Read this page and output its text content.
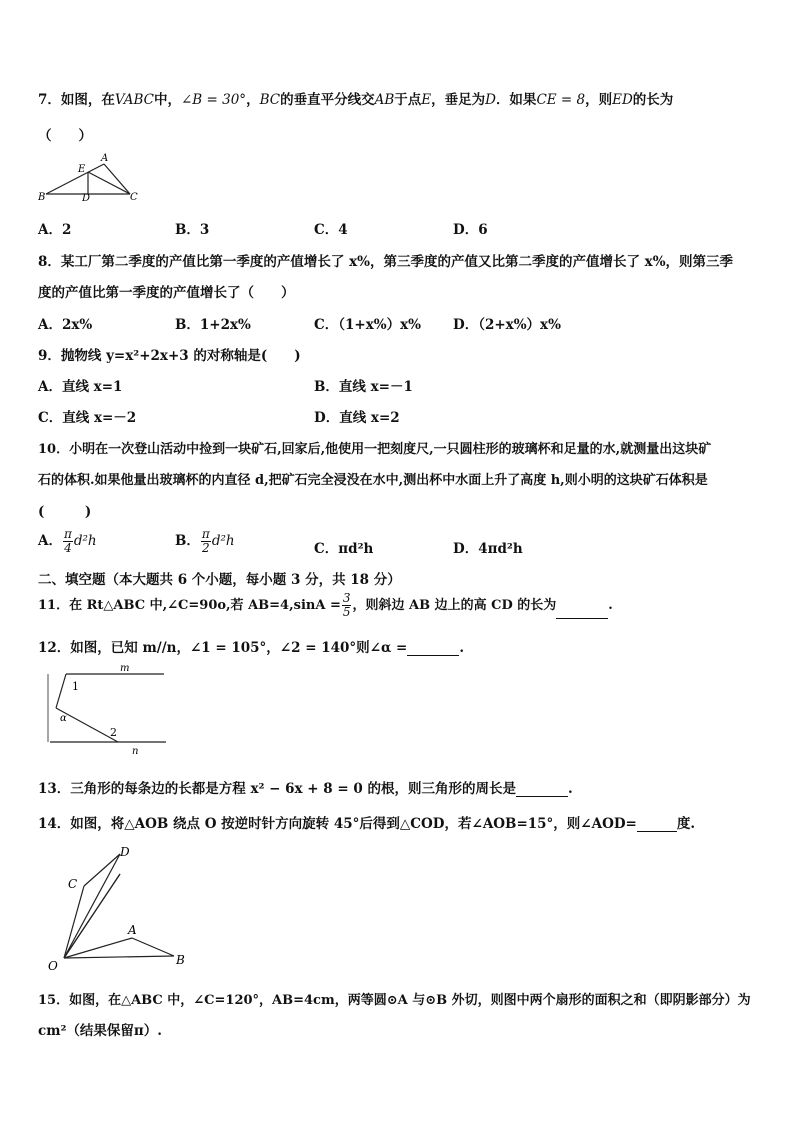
7．如图，在VABC中，∠B = 30°，BC的垂直平分线交AB于点E，垂足为D．如果CE = 8，则ED的长为
（　　）
A
B	C
D
E
A．2	B．3	C．4	D．6
8．某工厂第二季度的产值比第一季度的产值增长了 x%，第三季度的产值又比第二季度的产值增长了 x%，则第三季
度的产值比第一季度的产值增长了（　　）
A．2x%	B．1+2x%	C．（1+x%）x% D．（2+x%）x%
9．抛物线 y=x²+2x+3 的对称轴是(　　)
A．直线 x=1	B．直线 x=－1
C．直线 x=－2	D．直线 x=2
10．小明在一次登山活动中捡到一块矿石,回家后,他使用一把刻度尺,一只圆柱形的玻璃杯和足量的水,就测量出这块矿
石的体积.如果他量出玻璃杯的内直径 d,把矿石完全浸没在水中,测出杯中水面上升了高度 h,则小明的这块矿石体积是
(　　　)
A． $\frac{\pi}{4} d^2h$	B． $\frac{\pi}{2} d^2h$	C．πd²h	D．4πd²h
二、填空题（本大题共 6 个小题，每小题 3 分，共 18 分）
11．在 Rt△ABC 中,∠C=90o,若 $AB=4,\sin A = \frac{3}{5}$ ，则斜边 AB 边上的高 CD 的长为	.
12．如图，已知 m//n，∠1 = 105°，∠2 = 140°则∠α =	.
m
n
1
2
α
13．三角形的每条边的长都是方程 x² − 6x + 8 = 0 的根，则三角形的周长是	.
14．如图，将△AOB 绕点 O 按逆时针方向旋转 45°后得到△COD，若∠AOB=15°，则∠AOD=	度.
O
A
B
C
D
15．如图，在△ABC 中，∠C=120°，AB=4cm，两等圆⊙A 与⊙B 外切，则图中两个扇形的面积之和（即阴影部分）为
cm²（结果保留π）.
